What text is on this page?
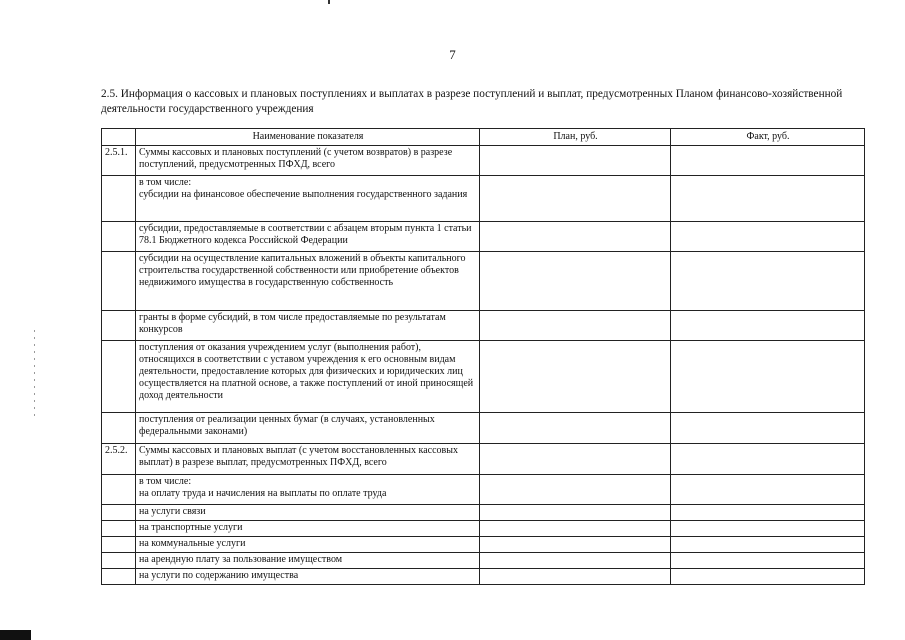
7
2.5. Информация о кассовых и плановых поступлениях и выплатах в разрезе поступлений и выплат, предусмотренных Планом финансово-хозяйственной деятельности государственного учреждения
	Наименование показателя	План, руб.	Факт, руб.
2.5.1.	Суммы кассовых и плановых поступлений (с учетом возвратов) в разрезе поступлений, предусмотренных ПФХД, всего		

	в том числе:
субсидии на финансовое обеспечение выполнения государственного задания		

	субсидии, предоставляемые в соответствии с абзацем вторым пункта 1 статьи 78.1 Бюджетного кодекса Российской Федерации		

	субсидии на осуществление капитальных вложений в объекты капитального строительства государственной собственности или приобретение объектов недвижимого имущества в государственную собственность		

	гранты в форме субсидий, в том числе предоставляемые по результатам конкурсов		

	поступления от оказания учреждением услуг (выполнения работ), относящихся в соответствии с уставом учреждения к его основным видам деятельности, предоставление которых для физических и юридических лиц осуществляется на платной основе, а также поступлений от иной приносящей доход деятельности		

	поступления от реализации ценных бумаг (в случаях, установленных федеральными законами)		

2.5.2.	Суммы кассовых и плановых выплат (с учетом восстановленных кассовых выплат) в разрезе выплат, предусмотренных ПФХД, всего		

	в том числе:
на оплату труда и начисления на выплаты по оплате труда		

	на услуги связи		

	на транспортные услуги		

	на коммунальные услуги		

	на арендную плату за пользование имуществом		

	на услуги по содержанию имущества		
